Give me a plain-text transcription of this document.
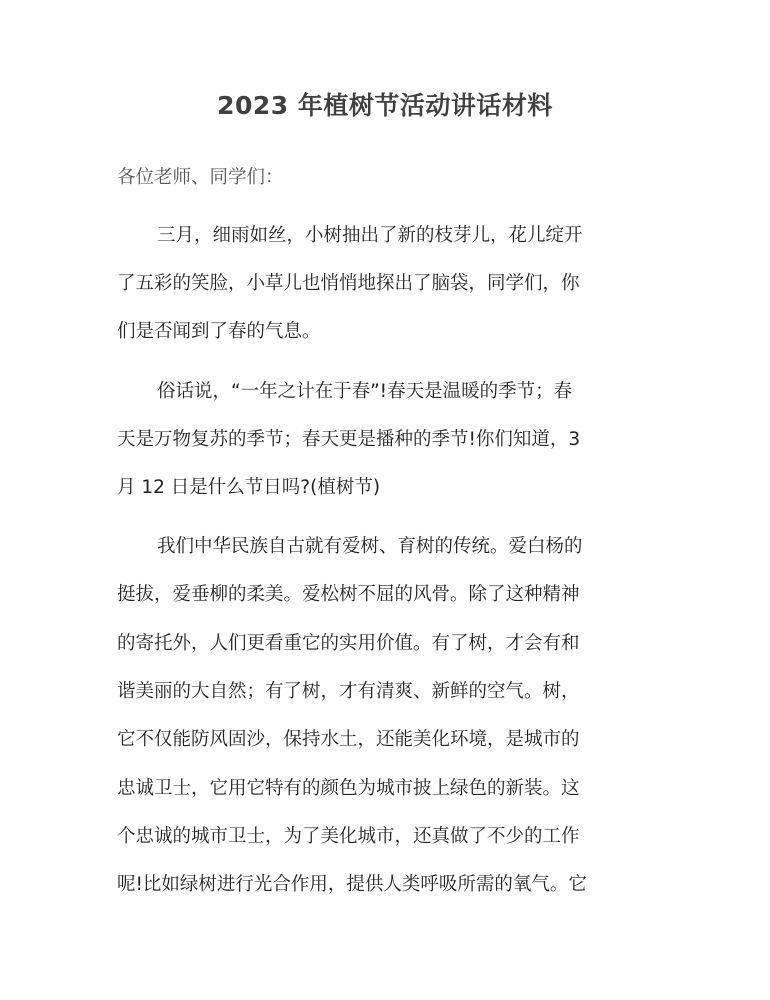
2023 年植树节活动讲话材料
各位老师、同学们：
三月，细雨如丝，小树抽出了新的枝芽儿，花儿绽开
了五彩的笑脸，小草儿也悄悄地探出了脑袋，同学们，你
们是否闻到了春的气息。
俗话说，“一年之计在于春”!春天是温暖的季节；春
天是万物复苏的季节；春天更是播种的季节!你们知道，3
月 12 日是什么节日吗?(植树节)
我们中华民族自古就有爱树、育树的传统。爱白杨的
挺拔，爱垂柳的柔美。爱松树不屈的风骨。除了这种精神
的寄托外，人们更看重它的实用价值。有了树，才会有和
谐美丽的大自然；有了树，才有清爽、新鲜的空气。树，
它不仅能防风固沙，保持水土，还能美化环境，是城市的
忠诚卫士，它用它特有的颜色为城市披上绿色的新装。这
个忠诚的城市卫士，为了美化城市，还真做了不少的工作
呢!比如绿树进行光合作用，提供人类呼吸所需的氧气。它
